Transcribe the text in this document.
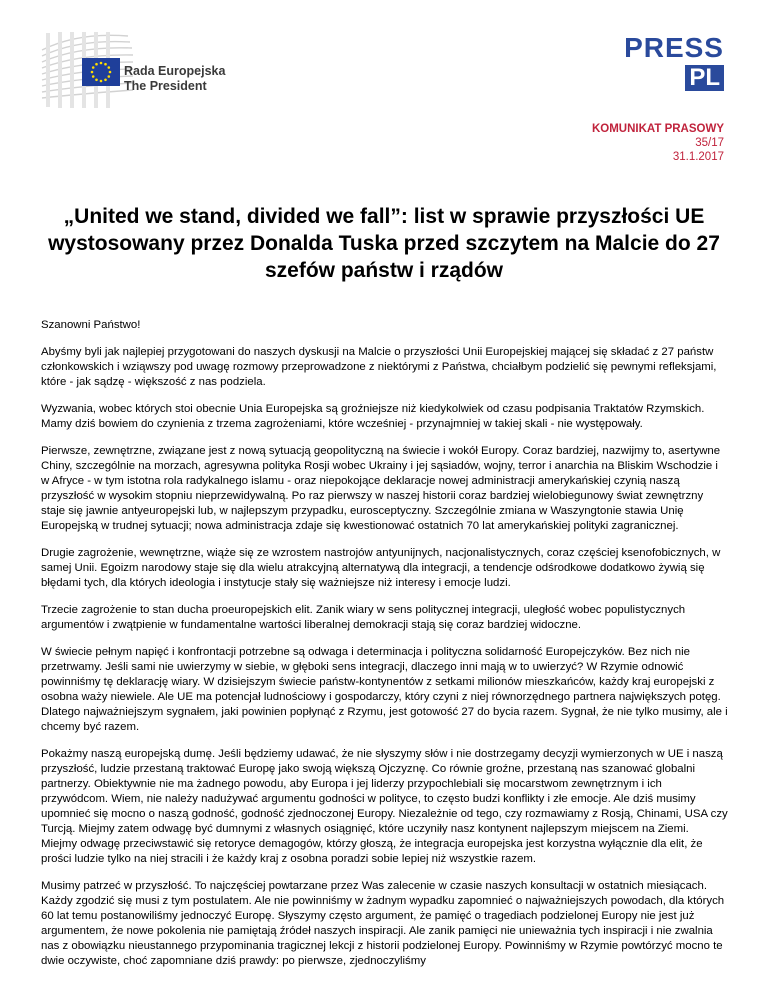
Rada Europejska
The President
PRESS
PL
KOMUNIKAT PRASOWY
35/17
31.1.2017
„United we stand, divided we fall”: list w sprawie przyszłości UE wystosowany przez Donalda Tuska przed szczytem na Malcie do 27 szefów państw i rządów

Szanowni Państwo!

Abyśmy byli jak najlepiej przygotowani do naszych dyskusji na Malcie o przyszłości Unii Europejskiej mającej się składać z 27 państw członkowskich i wziąwszy pod uwagę rozmowy przeprowadzone z niektórymi z Państwa, chciałbym podzielić się pewnymi refleksjami, które - jak sądzę - większość z nas podziela.

Wyzwania, wobec których stoi obecnie Unia Europejska są groźniejsze niż kiedykolwiek od czasu podpisania Traktatów Rzymskich. Mamy dziś bowiem do czynienia z trzema zagrożeniami, które wcześniej - przynajmniej w takiej skali - nie występowały.

Pierwsze, zewnętrzne, związane jest z nową sytuacją geopolityczną na świecie i wokół Europy. Coraz bardziej, nazwijmy to, asertywne Chiny, szczególnie na morzach, agresywna polityka Rosji wobec Ukrainy i jej sąsiadów, wojny, terror i anarchia na Bliskim Wschodzie i w Afryce - w tym istotna rola radykalnego islamu - oraz niepokojące deklaracje nowej administracji amerykańskiej czynią naszą przyszłość w wysokim stopniu nieprzewidywalną. Po raz pierwszy w naszej historii coraz bardziej wielobiegunowy świat zewnętrzny staje się jawnie antyeuropejski lub, w najlepszym przypadku, eurosceptyczny. Szczególnie zmiana w Waszyngtonie stawia Unię Europejską w trudnej sytuacji; nowa administracja zdaje się kwestionować ostatnich 70 lat amerykańskiej polityki zagranicznej.

Drugie zagrożenie, wewnętrzne, wiąże się ze wzrostem nastrojów antyunijnych, nacjonalistycznych, coraz częściej ksenofobicznych, w samej Unii. Egoizm narodowy staje się dla wielu atrakcyjną alternatywą dla integracji, a tendencje odśrodkowe dodatkowo żywią się błędami tych, dla których ideologia i instytucje stały się ważniejsze niż interesy i emocje ludzi.

Trzecie zagrożenie to stan ducha proeuropejskich elit. Zanik wiary w sens politycznej integracji, uległość wobec populistycznych argumentów i zwątpienie w fundamentalne wartości liberalnej demokracji stają się coraz bardziej widoczne.

W świecie pełnym napięć i konfrontacji potrzebne są odwaga i determinacja i polityczna solidarność Europejczyków. Bez nich nie przetrwamy. Jeśli sami nie uwierzymy w siebie, w głęboki sens integracji, dlaczego inni mają w to uwierzyć? W Rzymie odnowić powinniśmy tę deklarację wiary. W dzisiejszym świecie państw-kontynentów z setkami milionów mieszkańców, każdy kraj europejski z osobna waży niewiele. Ale UE ma potencjał ludnościowy i gospodarczy, który czyni z niej równorzędnego partnera największych potęg. Dlatego najważniejszym sygnałem, jaki powinien popłynąć z Rzymu, jest gotowość 27 do bycia razem. Sygnał, że nie tylko musimy, ale i chcemy być razem.

Pokażmy naszą europejską dumę. Jeśli będziemy udawać, że nie słyszymy słów i nie dostrzegamy decyzji wymierzonych w UE i naszą przyszłość, ludzie przestaną traktować Europę jako swoją większą Ojczyznę. Co równie groźne, przestaną nas szanować globalni partnerzy. Obiektywnie nie ma żadnego powodu, aby Europa i jej liderzy przypochlebiali się mocarstwom zewnętrznym i ich przywódcom. Wiem, nie należy nadużywać argumentu godności w polityce, to często budzi konflikty i złe emocje. Ale dziś musimy upomnieć się mocno o naszą godność, godność zjednoczonej Europy. Niezależnie od tego, czy rozmawiamy z Rosją, Chinami, USA czy Turcją. Miejmy zatem odwagę być dumnymi z własnych osiągnięć, które uczyniły nasz kontynent najlepszym miejscem na Ziemi. Miejmy odwagę przeciwstawić się retoryce demagogów, którzy głoszą, że integracja europejska jest korzystna wyłącznie dla elit, że prości ludzie tylko na niej stracili i że każdy kraj z osobna poradzi sobie lepiej niż wszystkie razem.

Musimy patrzeć w przyszłość. To najczęściej powtarzane przez Was zalecenie w czasie naszych konsultacji w ostatnich miesiącach. Każdy zgodzić się musi z tym postulatem. Ale nie powinniśmy w żadnym wypadku zapomnieć o najważniejszych powodach, dla których 60 lat temu postanowiliśmy jednoczyć Europę. Słyszymy często argument, że pamięć o tragediach podzielonej Europy nie jest już argumentem, że nowe pokolenia nie pamiętają źródeł naszych inspiracji. Ale zanik pamięci nie unieważnia tych inspiracji i nie zwalnia nas z obowiązku nieustannego przypominania tragicznej lekcji z historii podzielonej Europy. Powinniśmy w Rzymie powtórzyć mocno te dwie oczywiste, choć zapomniane dziś prawdy: po pierwsze, zjednoczyliśmy
